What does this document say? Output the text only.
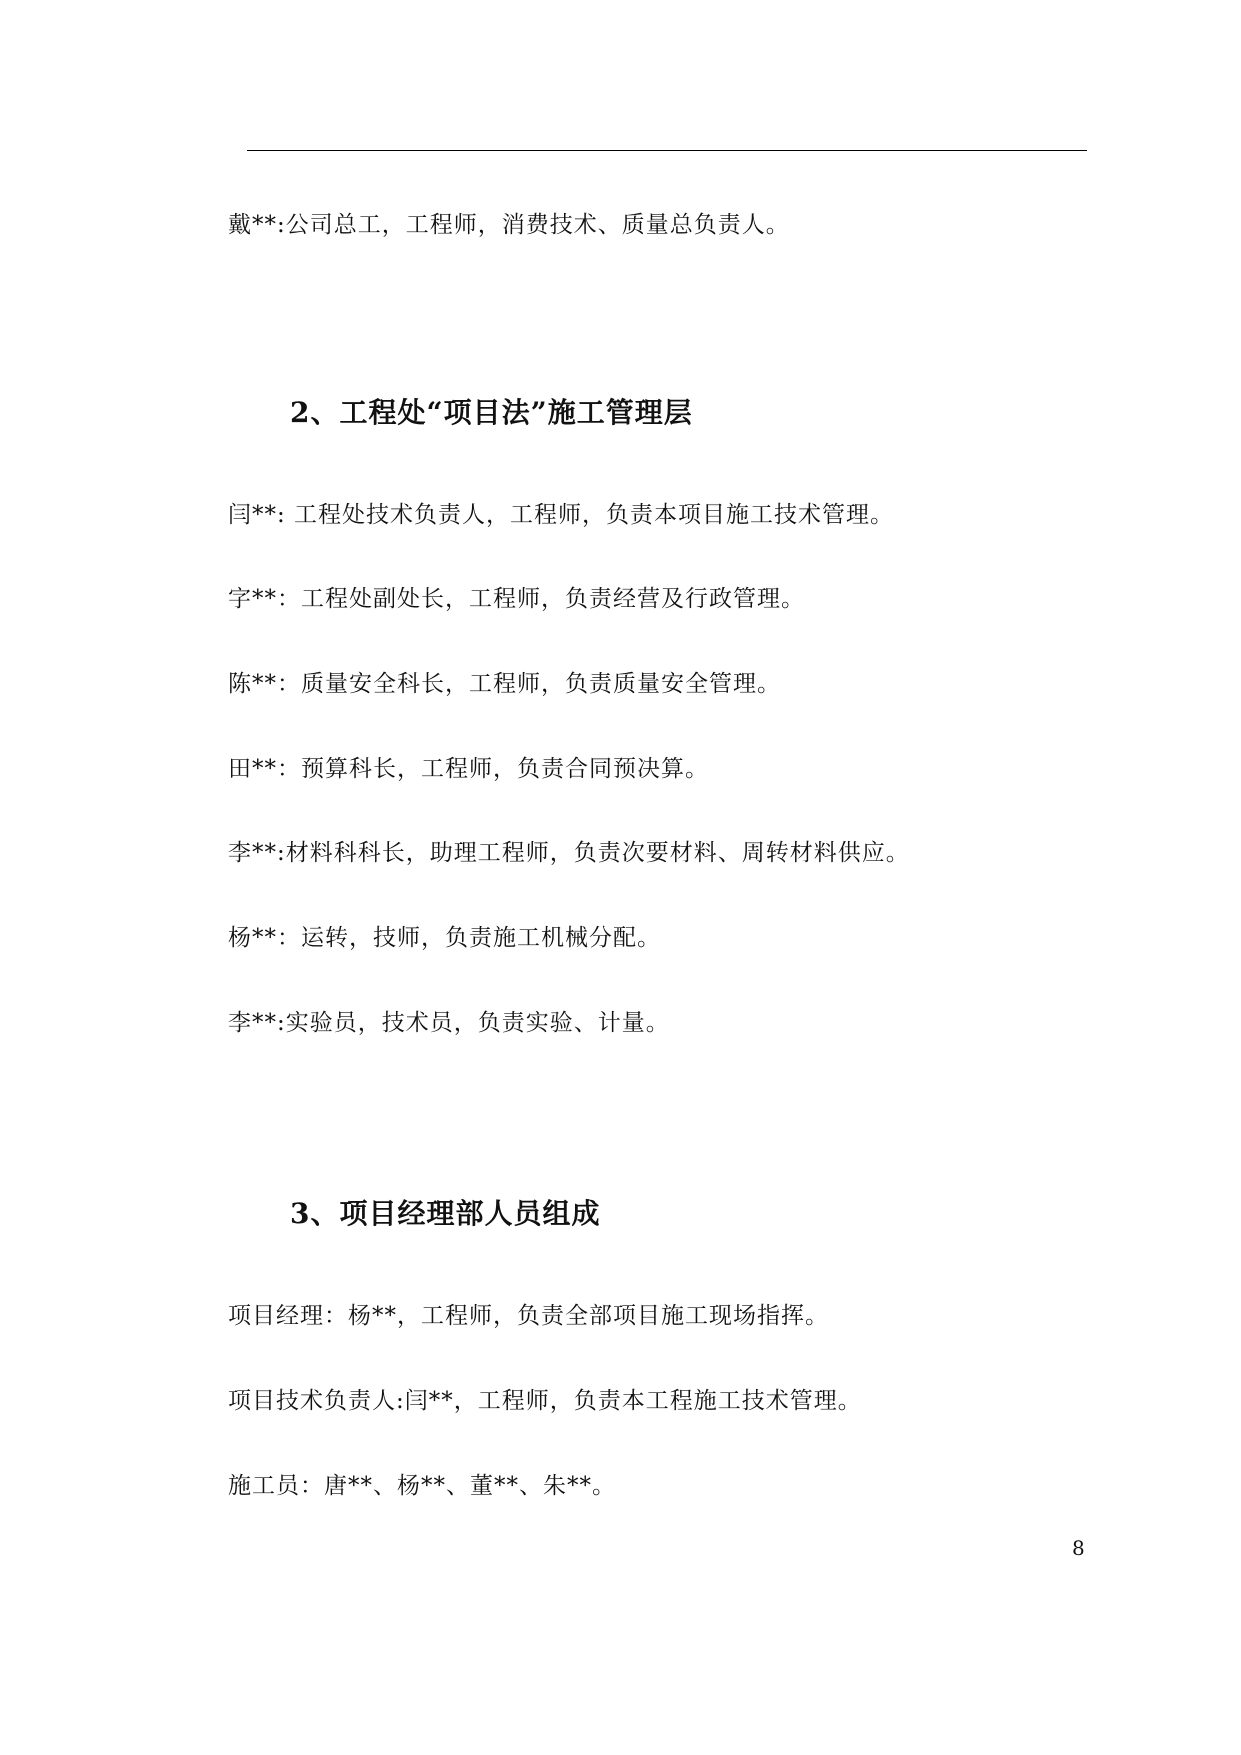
戴**:公司总工，工程师，消费技术、质量总负责人。
2、工程处“项目法”施工管理层
闫**: 工程处技术负责人，工程师，负责本项目施工技术管理。
字**：工程处副处长，工程师，负责经营及行政管理。
陈**：质量安全科长，工程师，负责质量安全管理。
田**：预算科长，工程师，负责合同预决算。
李**:材料科科长，助理工程师，负责次要材料、周转材料供应。
杨**：运转，技师，负责施工机械分配。
李**:实验员，技术员，负责实验、计量。
3、项目经理部人员组成
项目经理：杨**，工程师，负责全部项目施工现场指挥。
项目技术负责人:闫**，工程师，负责本工程施工技术管理。
施工员：唐**、杨**、董**、朱**。
8
